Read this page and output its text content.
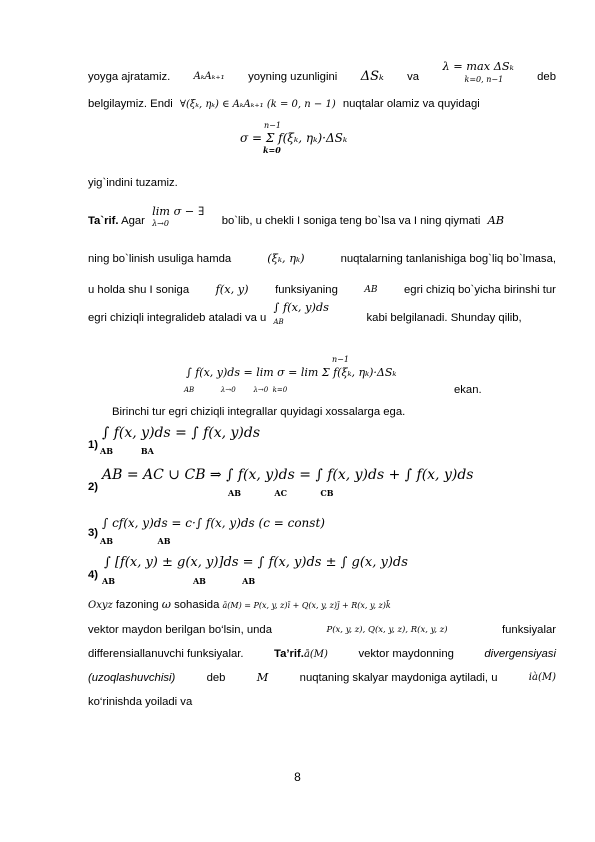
yoyga ajratamiz. AₖAₖ₊₁ yoyning uzunligini ΔSₖ va
λ = max ΔSₖ
k=0, n−1	deb
belgilaymiz. Endi ∀(ξₖ, ηₖ) ∈ AₖAₖ₊₁ (k = 0, n − 1) nuqtalar olamiz va quyidagi
σ = Σ f(ξₖ, ηₖ)·ΔSₖ
n−1
k=0
yig`indini tuzamiz.
Ta`rif. Agar lim σ − ∃
λ→0	bo`lib, u chekli I soniga teng bo`lsa va I ning qiymati AB
ning bo`linish usuliga hamda	(ξₖ, ηₖ)	nuqtalarning tanlanishiga bog`liq bo`lmasa,
u holda shu I soniga f(x, y) funksiyaning	AB egri chiziq bo`yicha birinshi tur
egri chiziqli integralideb ataladi va u ∫ f(x, y)ds
AB	kabi belgilanadi. Shunday qilib,
∫ f(x, y)ds = lim σ = lim Σ f(ξₖ, ηₖ)·ΔSₖ
AB            λ→0        λ→0  k=0
n−1
ekan.
Birinchi tur egri chiziqli integrallar quyidagi xossalarga ega.
1)
∫ f(x, y)ds = ∫ f(x, y)ds
AB          BA
2)
AB = AC ∪ CB ⇒ ∫ f(x, y)ds = ∫ f(x, y)ds + ∫ f(x, y)ds
AB            AC            CB
3)
∫ cf(x, y)ds = c·∫ f(x, y)ds (c = const)
AB                AB
4)
∫ [f(x, y) ± g(x, y)]ds = ∫ f(x, y)ds ± ∫ g(x, y)ds
AB                            AB             AB
Oxyz fazoning ω sohasida ā(M) = P(x, y, z)ī + Q(x, y, z)j̄ + R(x, y, z)k̄
vektor maydon berilgan bo‘lsin, unda	P(x, y, z), Q(x, y, z), R(x, y, z)	funksiyalar
differensiallanuvchi funksiyalar.	Ta’rif.ā(M)	vektor maydonning	divergensiyasi
(uzoqlashuvchisi)	deb	M	nuqtaning skalyar maydoniga aytiladi, u	ià(M)
ko‘rinishda yoiladi va
8
